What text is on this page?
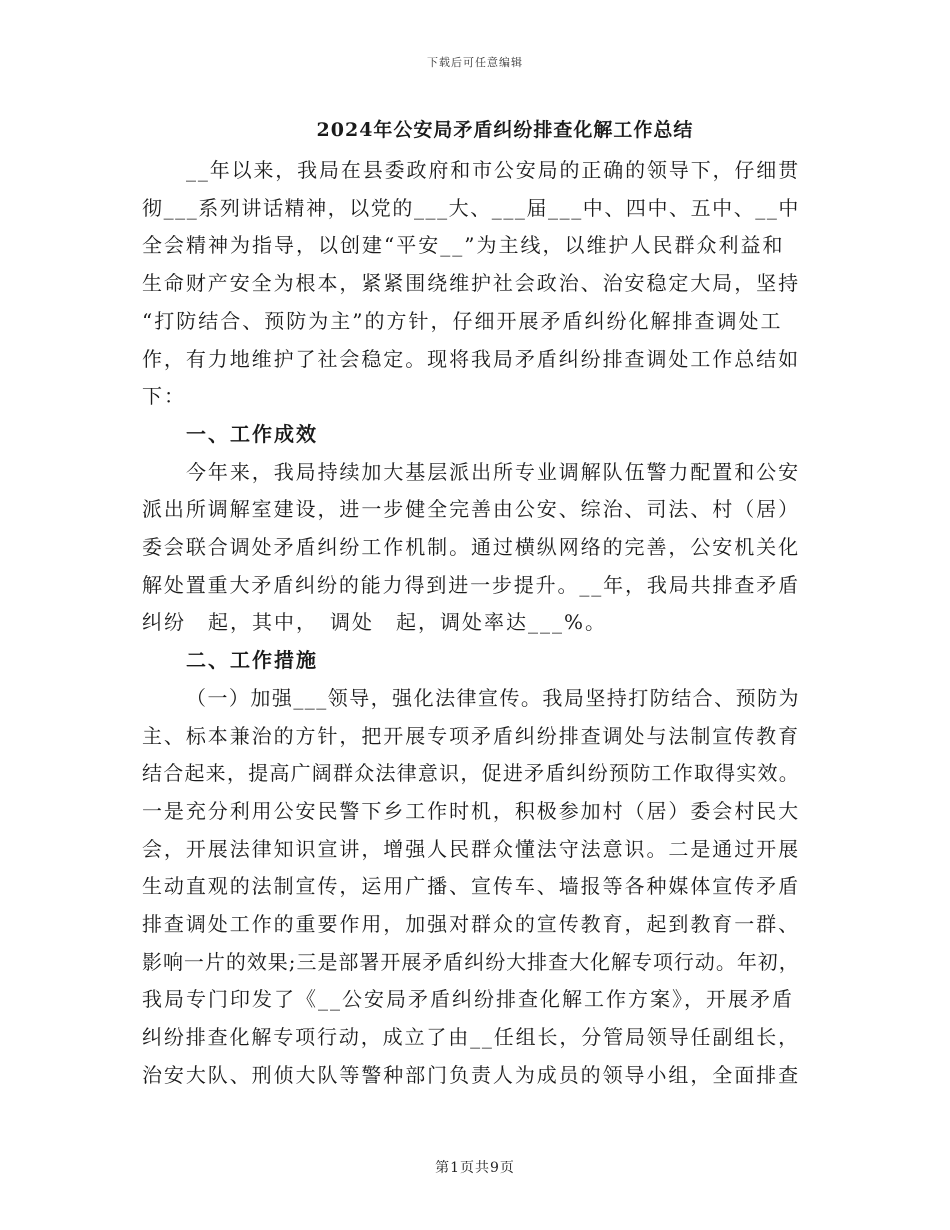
下载后可任意编辑
2024年公安局矛盾纠纷排查化解工作总结
__年以来，我局在县委政府和市公安局的正确的领导下，仔细贯
彻___系列讲话精神，以党的___大、___届___中、四中、五中、__中
全会精神为指导，以创建“平安__”为主线，以维护人民群众利益和
生命财产安全为根本，紧紧围绕维护社会政治、治安稳定大局，坚持
“打防结合、预防为主”的方针，仔细开展矛盾纠纷化解排查调处工
作，有力地维护了社会稳定。现将我局矛盾纠纷排查调处工作总结如
下：
一、工作成效
今年来，我局持续加大基层派出所专业调解队伍警力配置和公安
派出所调解室建设，进一步健全完善由公安、综治、司法、村（居）
委会联合调处矛盾纠纷工作机制。通过横纵网络的完善，公安机关化
解处置重大矛盾纠纷的能力得到进一步提升。__年，我局共排查矛盾
纠纷　起，其中，　调处　起，调处率达___%。
二、工作措施
（一）加强___领导，强化法律宣传。我局坚持打防结合、预防为
主、标本兼治的方针，把开展专项矛盾纠纷排查调处与法制宣传教育
结合起来，提高广阔群众法律意识，促进矛盾纠纷预防工作取得实效。
一是充分利用公安民警下乡工作时机，积极参加村（居）委会村民大
会，开展法律知识宣讲，增强人民群众懂法守法意识。二是通过开展
生动直观的法制宣传，运用广播、宣传车、墙报等各种媒体宣传矛盾
排查调处工作的重要作用，加强对群众的宣传教育，起到教育一群、
影响一片的效果;三是部署开展矛盾纠纷大排查大化解专项行动。年初，
我局专门印发了《__公安局矛盾纠纷排查化解工作方案》，开展矛盾
纠纷排查化解专项行动，成立了由__任组长，分管局领导任副组长，
治安大队、刑侦大队等警种部门负责人为成员的领导小组，全面排查
第1页共9页
